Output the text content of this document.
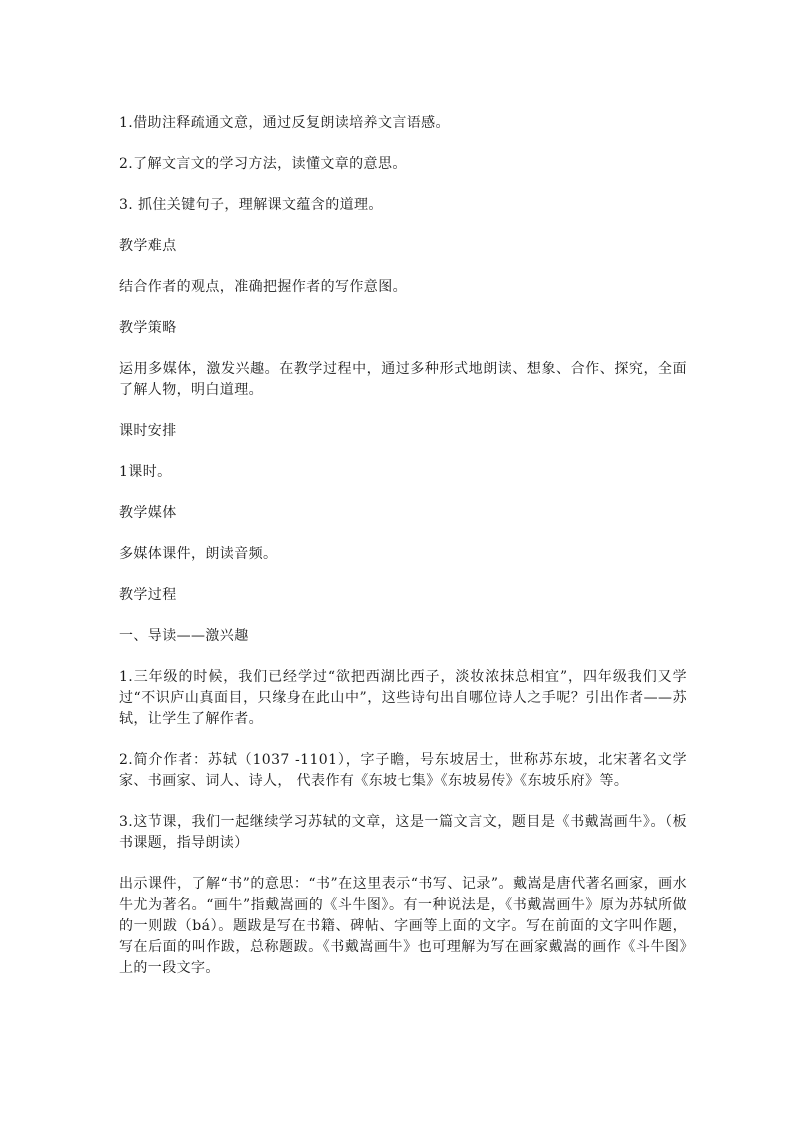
1.借助注释疏通文意，通过反复朗读培养文言语感。

2.了解文言文的学习方法，读懂文章的意思。

3. 抓住关键句子，理解课文蕴含的道理。

教学难点

结合作者的观点，准确把握作者的写作意图。

教学策略

运用多媒体，激发兴趣。在教学过程中，通过多种形式地朗读、想象、合作、探究，全面了解人物，明白道理。

课时安排

1课时。

教学媒体

多媒体课件，朗读音频。

教学过程

一、导读——激兴趣

1.三年级的时候，我们已经学过“欲把西湖比西子，淡妆浓抹总相宜”，四年级我们又学过“不识庐山真面目，只缘身在此山中”，这些诗句出自哪位诗人之手呢？引出作者——苏轼，让学生了解作者。

2.简介作者：苏轼（1037 -1101），字子瞻，号东坡居士，世称苏东坡，北宋著名文学家、书画家、词人、诗人， 代表作有《东坡七集》《东坡易传》《东坡乐府》等。

3.这节课，我们一起继续学习苏轼的文章，这是一篇文言文，题目是《书戴嵩画牛》。（板书课题，指导朗读）

出示课件，了解“书”的意思：“书”在这里表示“书写、记录”。戴嵩是唐代著名画家，画水牛尤为著名。“画牛”指戴嵩画的《斗牛图》。有一种说法是，《书戴嵩画牛》原为苏轼所做的一则跋（bá）。题跋是写在书籍、碑帖、字画等上面的文字。写在前面的文字叫作题，写在后面的叫作跋，总称题跋。《书戴嵩画牛》也可理解为写在画家戴嵩的画作《斗牛图》上的一段文字。
